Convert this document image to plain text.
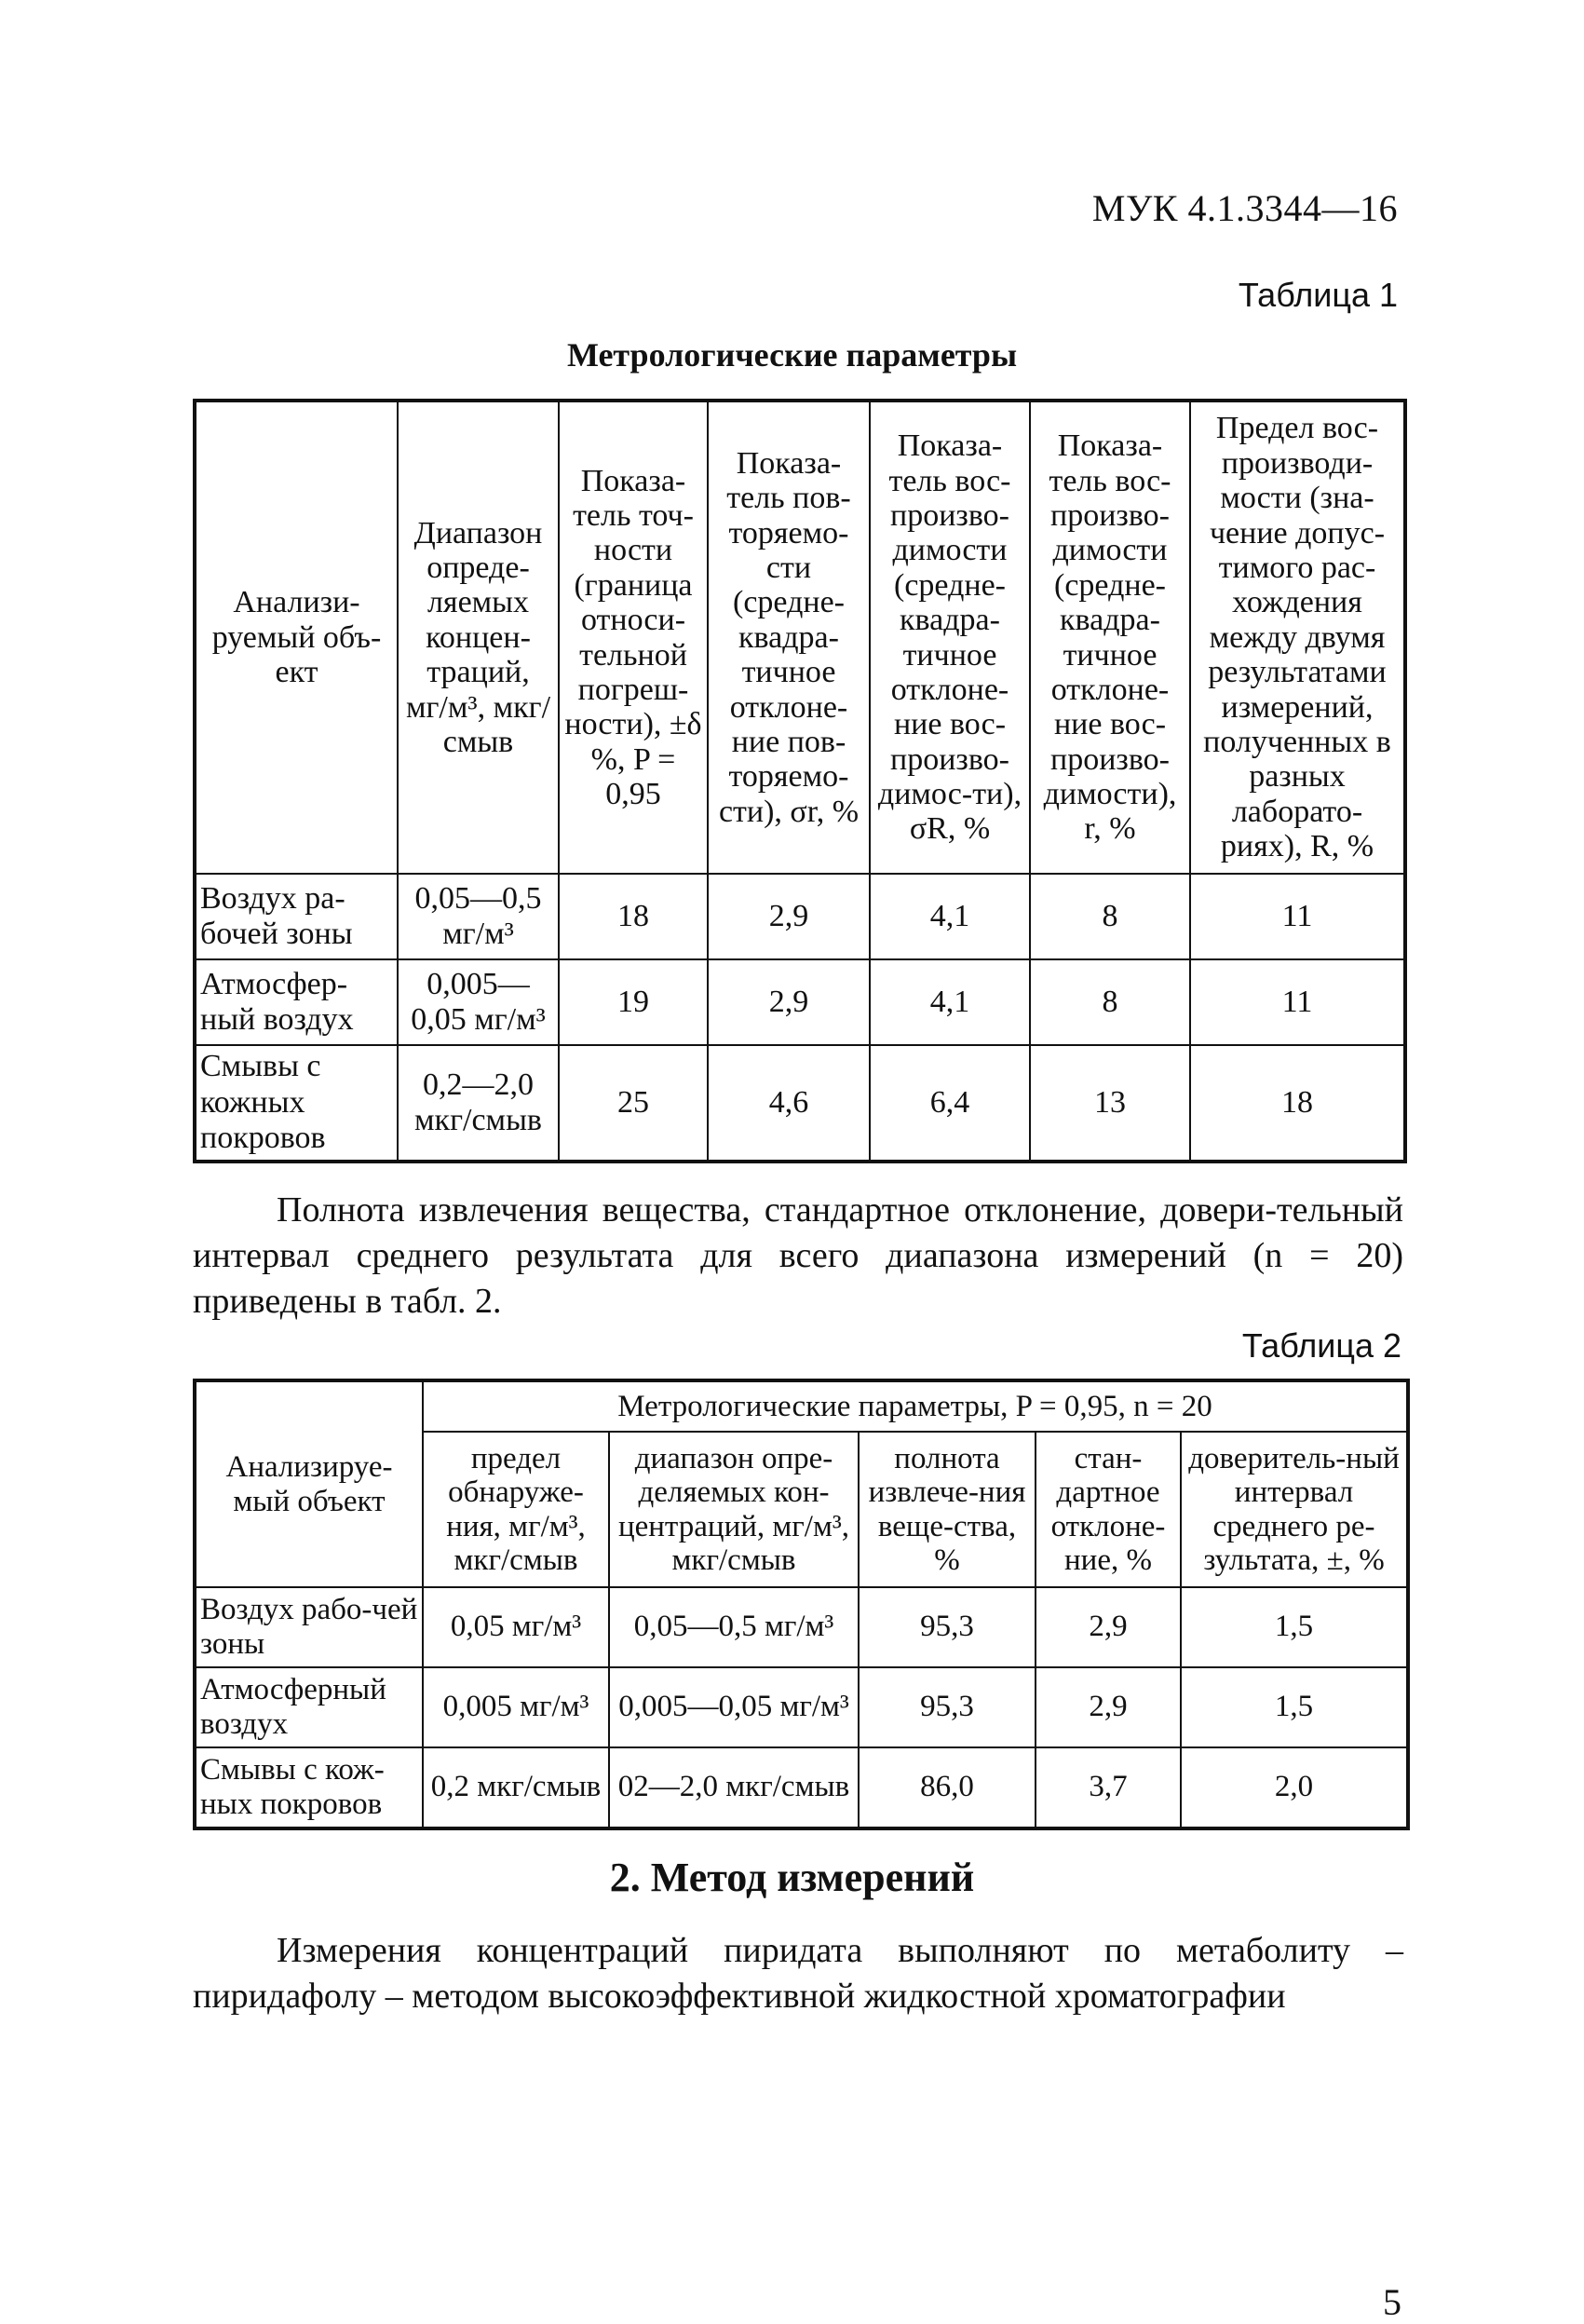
МУК 4.1.3344—16
Таблица 1
Метрологические параметры
Анализи-руемый объ-ект	Диапазон опреде-ляемых концен-траций, мг/м³, мкг/смыв	Показа-тель точ-ности (граница относи-тельной погреш-ности), ±δ %, P = 0,95	Показа-тель пов-торяемо-сти (средне-квадра-тичное отклоне-ние пов-торяемо-сти), σr, %	Показа-тель вос-произво-димости (средне-квадра-тичное отклоне-ние вос-произво-димос-ти), σR, %	Показа-тель вос-произво-димости (средне-квадра-тичное отклоне-ние вос-произво-димости), r, %	Предел вос-производи-мости (зна-чение допус-тимого рас-хождения между двумя результатами измерений, полученных в разных лаборато-риях), R, %
Воздух ра-бочей зоны	0,05—0,5 мг/м³	18	2,9	4,1	8	11
Атмосфер-ный воздух	0,005—0,05 мг/м³	19	2,9	4,1	8	11
Смывы с кожных покровов	0,2—2,0 мкг/смыв	25	4,6	6,4	13	18

Полнота извлечения вещества, стандартное отклонение, довери-тельный интервал среднего результата для всего диапазона измерений (n = 20) приведены в табл. 2.

Таблица 2
Анализируе-мый объект	Метрологические параметры, P = 0,95, n = 20				
	предел обнаруже-ния, мг/м³, мкг/смыв	диапазон опре-деляемых кон-центраций, мг/м³, мкг/смыв	полнота извлече-ния веще-ства, %	стан-дартное отклоне-ние, %	доверитель-ный интервал среднего ре-зультата, ±, %
Воздух рабо-чей зоны	0,05 мг/м³	0,05—0,5 мг/м³	95,3	2,9	1,5
Атмосферный воздух	0,005 мг/м³	0,005—0,05 мг/м³	95,3	2,9	1,5
Смывы с кож-ных покровов	0,2 мкг/смыв	02—2,0 мкг/смыв	86,0	3,7	2,0
2. Метод измерений

Измерения концентраций пиридата выполняют по метаболиту – пиридафолу – методом высокоэффективной жидкостной хроматографии

5
